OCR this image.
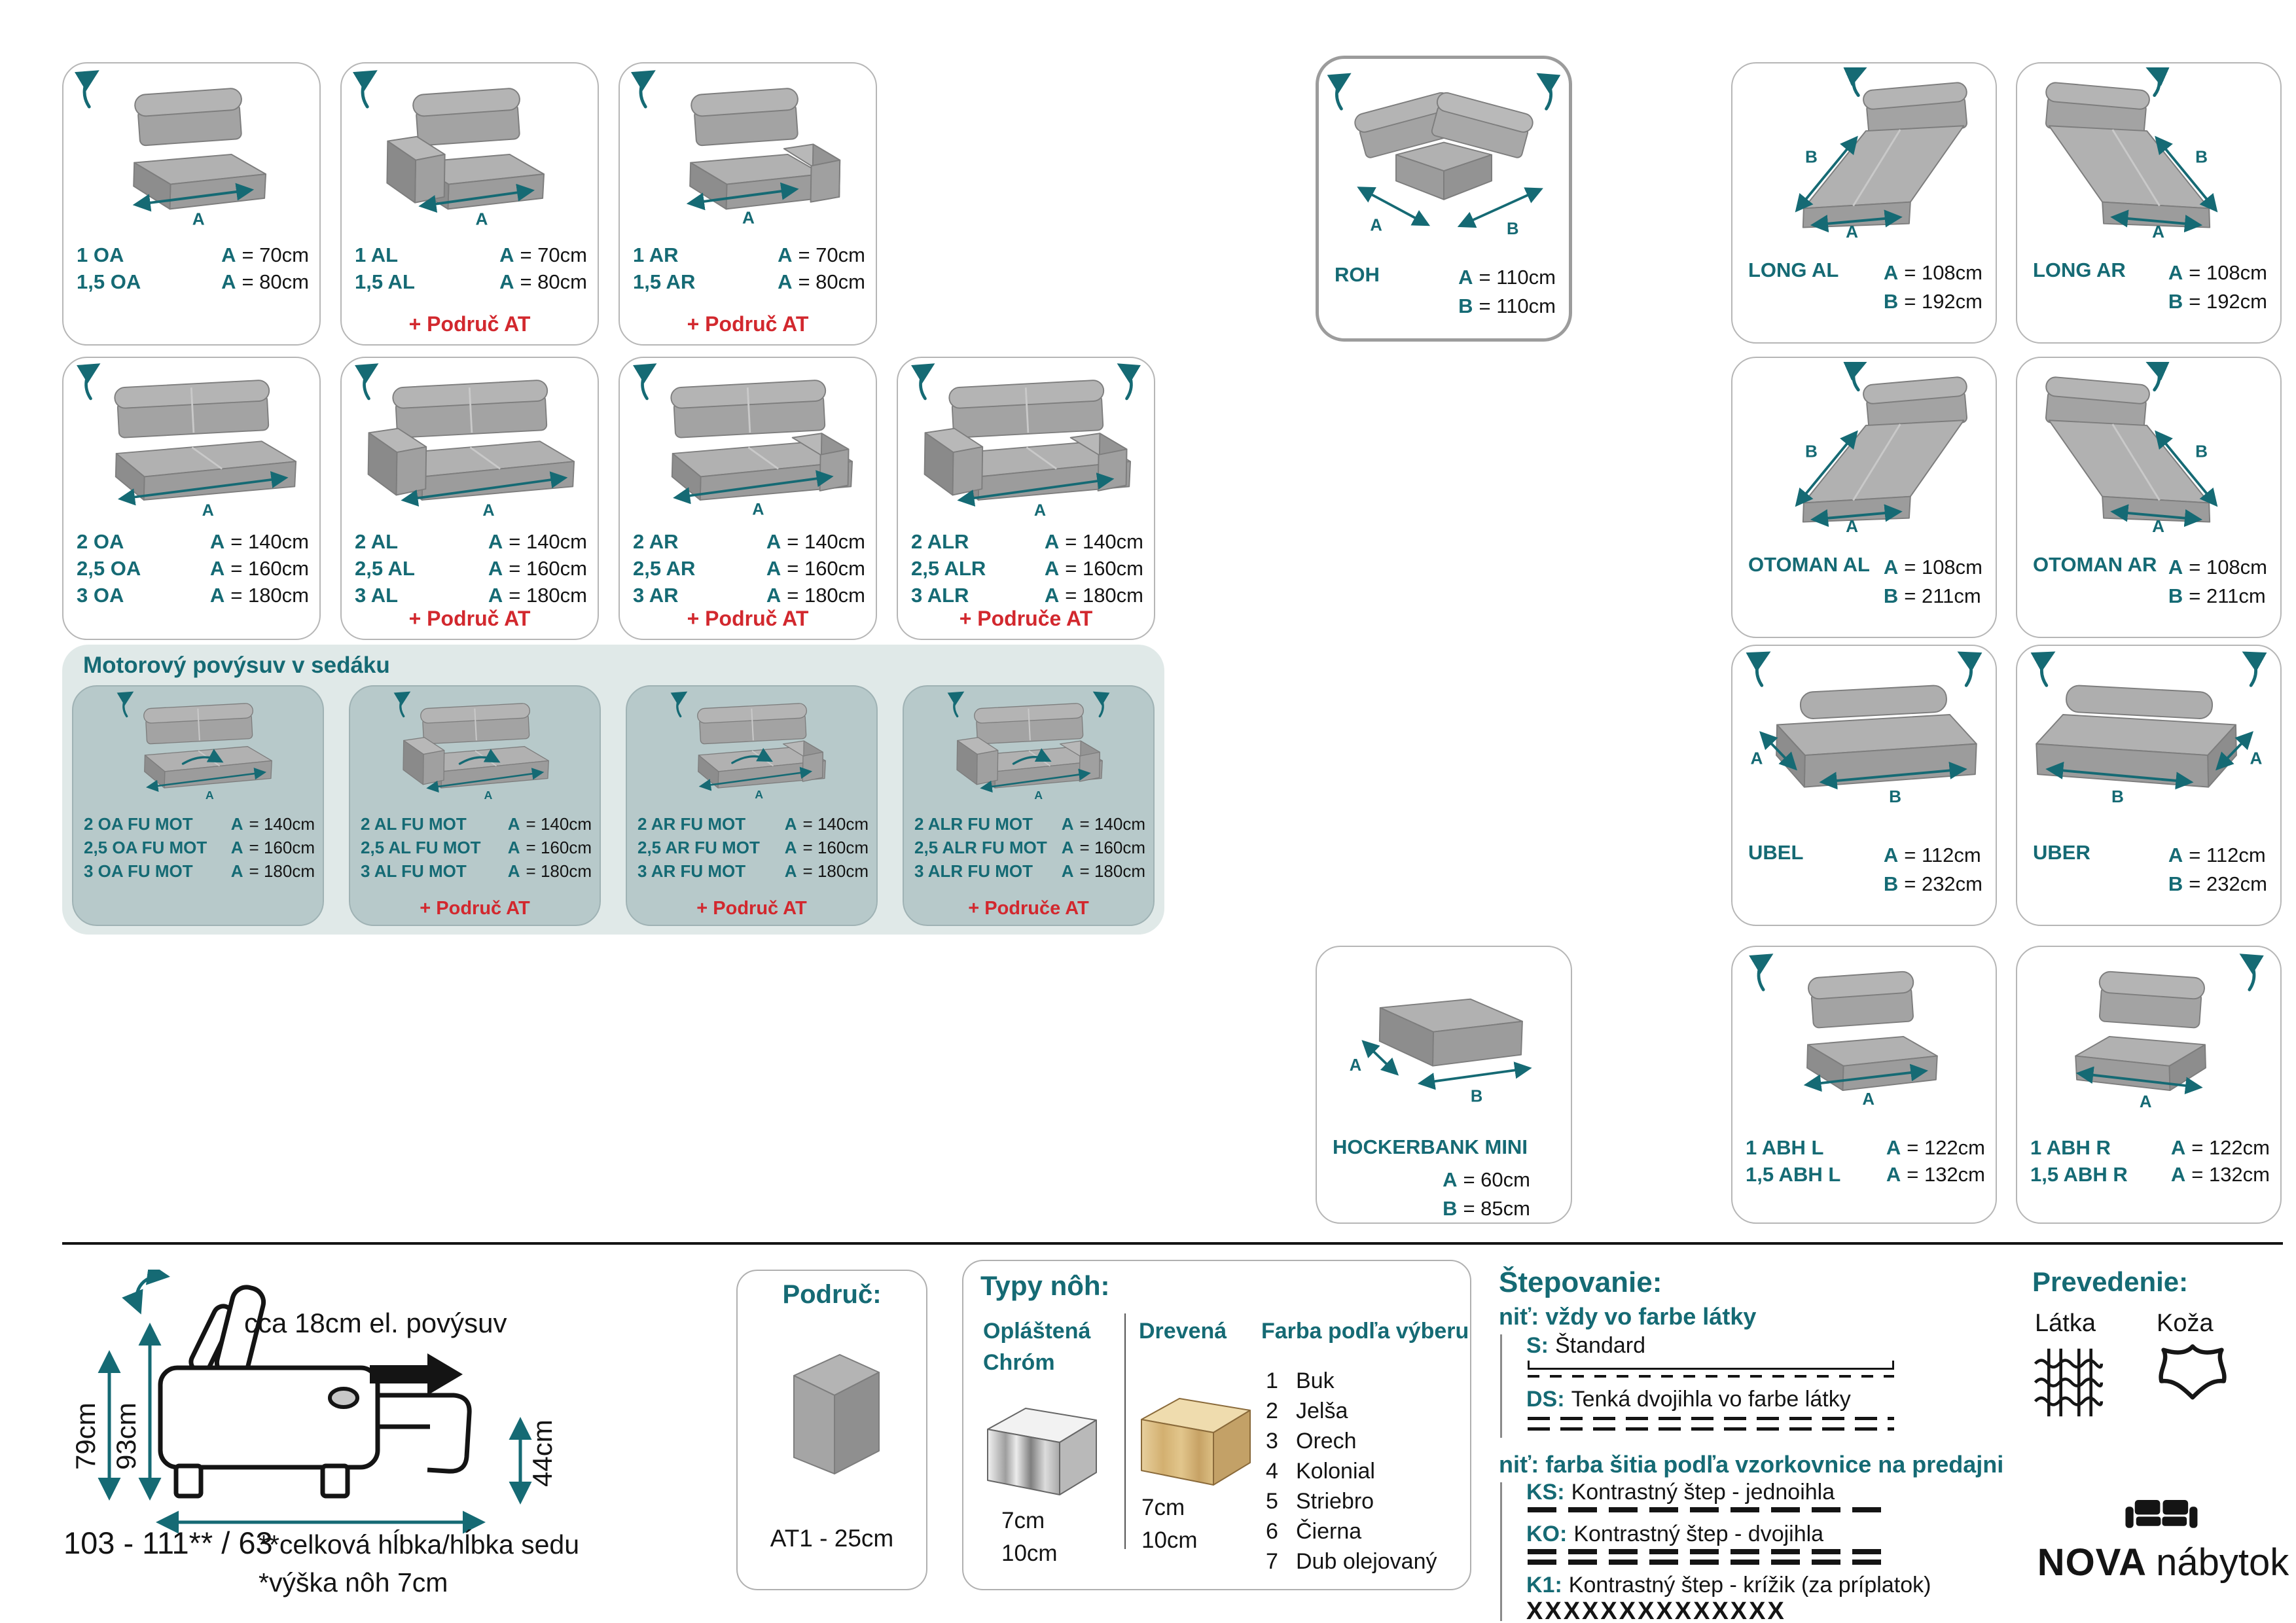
A
1 OA	A = 70cm
1,5 OA	A = 80cm
A
1 AL	A = 70cm
1,5 AL	A = 80cm
+ Područ AT
A
1 AR	A = 70cm
1,5 AR	A = 80cm
+ Područ AT
A	B
ROH	A = 110cm
B = 110cm
B
A
LONG AL A = 108cm
B = 192cm
B
A
LONG AR A = 108cm
B = 192cm
A
2 OA	A = 140cm
2,5 OA	A = 160cm
3 OA	A = 180cm
A
2 AL	A = 140cm
2,5 AL	A = 160cm
3 AL	A = 180cm
+ Područ AT
A
2 AR	A = 140cm
2,5 AR	A = 160cm
3 AR	A = 180cm
+ Područ AT
A
2 ALR	A = 140cm
2,5 ALR	A = 160cm
3 ALR	A = 180cm
+ Područe AT
B
A
OTOMAN AL A = 108cm
B = 211cm
B
A
OTOMAN AR A = 108cm
B = 211cm
Motorový povýsuv v sedáku
A
2 OA FU MOT A = 140cm
2,5 OA FU MOT A = 160cm
3 OA FU MOT A = 180cm
A
2 AL FU MOT A = 140cm
2,5 AL FU MOT A = 160cm
3 AL FU MOT A = 180cm
+ Područ AT
A
2 AR FU MOT A = 140cm
2,5 AR FU MOT A = 160cm
3 AR FU MOT A = 180cm
+ Područ AT
A
2 ALR FU MOT A = 140cm
2,5 ALR FU MOT A = 160cm
3 ALR FU MOT A = 180cm
+ Područe AT
A
B
UBEL	A = 112cm
B = 232cm
A
B
UBER	A = 112cm
B = 232cm
A
B
HOCKERBANK MINI
A = 60cm
B = 85cm
A
1 ABH L	A = 122cm
1,5 ABH L A = 132cm
A
1 ABH R	A = 122cm
1,5 ABH R A = 132cm
79cm 93cm	44cm
cca 18cm el. povýsuv
103 - 111** / 63
**celková hĺbka/hĺbka sedu
*výška nôh 7cm
Područ:
AT1 - 25cm
Typy nôh:
Opláštená
Chróm
7cm
10cm
Drevená
7cm
10cm
Farba podľa výberu
1 Buk
2 Jelša
3 Orech
4 Kolonial
5 Striebro
6 Čierna
7 Dub olejovaný
Štepovanie:
niť: vždy vo farbe látky
S: Štandard
DS: Tenká dvojihla vo farbe látky
niť: farba šitia podľa vzorkovnice na predajni
KS: Kontrastný štep - jednoihla
KO: Kontrastný štep - dvojihla
K1: Kontrastný štep - krížik (za príplatok)
XXXXXXXXXXXXXX
Prevedenie:
Látka Koža
NOVA nábytok
